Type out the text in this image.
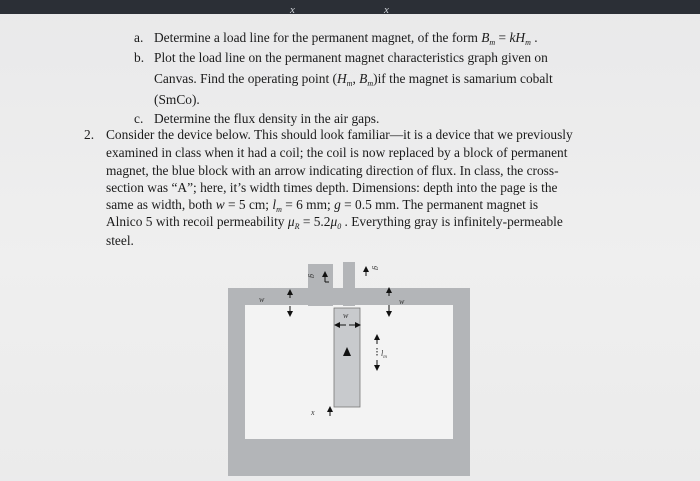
x	x
a. Determine a load line for the permanent magnet, of the form $B_m = kH_m$ .
b. Plot the load line on the permanent magnet characteristics graph given on
Canvas. Find the operating point ($H_m$, $B_m)if$ the magnet is samarium cobalt
(SmCo).
c. Determine the flux density in the air gaps.
2. Consider the device below. This should look familiar—it is a device that we previously
examined in class when it had a coil; the coil is now replaced by a block of permanent
magnet, the blue block with an arrow indicating direction of flux. In class, the cross-
section was “A”; here, it’s width times depth. Dimensions: depth into the page is the
same as width, both w = 5 cm; $l_m = 6$ mm; g = 0.5 mm. The permanent magnet is
Alnico 5 with recoil permeability $\mu_R = 5.2\mu_0$ . Everything gray is infinitely-permeable
steel.
g
g
w	w
w
$l_m$
x
